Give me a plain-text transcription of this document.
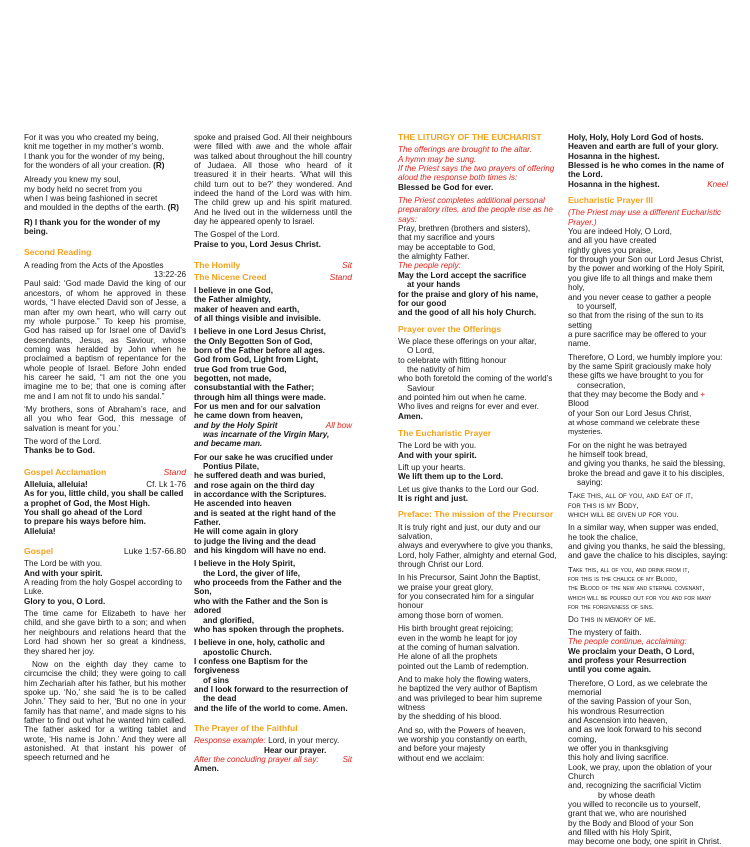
For it was you who created my being,
knit me together in my mother’s womb.
I thank you for the wonder of my being,
for the wonders of all your creation. (R)
Already you knew my soul,
my body held no secret from you
when I was being fashioned in secret
and moulded in the depths of the earth. (R)

R) I thank you for the wonder of my being.

Second Reading
A reading from the Acts of the Apostles
13:22-26

Paul said: ‘God made David the king of our ancestors, of whom he approved in these words, “I have elected David son of Jesse, a man after my own heart, who will carry out my whole purpose.” To keep his promise, God has raised up for Israel one of David’s descendants, Jesus, as Saviour, whose coming was heralded by John when he proclaimed a baptism of repentance for the whole people of Israel. Before John ended his career he said, “I am not the one you imagine me to be; that one is coming after me and I am not fit to undo his sandal.”

‘My brothers, sons of Abraham’s race, and all you who fear God, this message of salvation is meant for you.’

The word of the Lord.
Thanks be to God.
Gospel Acclamation	Stand
Alleluia, alleluia!	Cf. Lk 1-76
As for you, little child, you shall be called
a prophet of God, the Most High.
You shall go ahead of the Lord
to prepare his ways before him.
Alleluia!
Gospel	Luke 1:57-66.80
The Lord be with you.
And with your spirit.
A reading from the holy Gospel according to Luke.
Glory to you, O Lord.

The time came for Elizabeth to have her child, and she gave birth to a son; and when her neighbours and relations heard that the Lord had shown her so great a kindness, they shared her joy.

Now on the eighth day they came to circumcise the child; they were going to call him Zechariah after his father, but his mother spoke up. ‘No,’ she said ‘he is to be called John.’ They said to her, ‘But no one in your family has that name’, and made signs to his father to find out what he wanted him called. The father asked for a writing tablet and wrote, ‘His name is John.’ And they were all astonished. At that instant his power of speech returned and he

spoke and praised God. All their neighbours were filled with awe and the whole affair was talked about throughout the hill country of Judaea. All those who heard of it treasured it in their hearts. ‘What will this child turn out to be?’ they wondered. And indeed the hand of the Lord was with him. The child grew up and his spirit matured. And he lived out in the wilderness until the day he appeared openly to Israel.

The Gospel of the Lord.
Praise to you, Lord Jesus Christ.
The Homily	Sit
The Nicene Creed	Stand
I believe in one God,
the Father almighty,
maker of heaven and earth,
of all things visible and invisible.
I believe in one Lord Jesus Christ,
the Only Begotten Son of God,
born of the Father before all ages.
God from God, Light from Light,
true God from true God,
begotten, not made,
consubstantial with the Father;
through him all things were made.
For us men and for our salvation
he came down from heaven,
and by the Holy Spirit	All bow
was incarnate of the Virgin Mary,
and became man.
For our sake he was crucified under
Pontius Pilate,
he suffered death and was buried,
and rose again on the third day
in accordance with the Scriptures.
He ascended into heaven
and is seated at the right hand of the Father.
He will come again in glory
to judge the living and the dead
and his kingdom will have no end.
I believe in the Holy Spirit,
the Lord, the giver of life,
who proceeds from the Father and the Son,
who with the Father and the Son is adored
and glorified,
who has spoken through the prophets.
I believe in one, holy, catholic and
apostolic Church.
I confess one Baptism for the forgiveness
of sins
and I look forward to the resurrection of
the dead
and the life of the world to come. Amen.
The Prayer of the Faithful
Response example: Lord, in your mercy.
Hear our prayer.
After the concluding prayer all say: Amen.
Sit
THE LITURGY OF THE EUCHARIST
The offerings are brought to the altar.
A hymn may be sung.
If the Priest says the two prayers of offering
aloud the response both times is:
Blessed be God for ever.
The Priest completes additional personal
preparatory rites, and the people rise as he
says:
Pray, brethren (brothers and sisters),
that my sacrifice and yours
may be acceptable to God,
the almighty Father.
The people reply:
May the Lord accept the sacrifice
at your hands
for the praise and glory of his name,
for our good
and the good of all his holy Church.
Prayer over the Offerings
We place these offerings on your altar,
O Lord,
to celebrate with fitting honour
the nativity of him
who both foretold the coming of the world’s
Saviour
and pointed him out when he came.
Who lives and reigns for ever and ever.
Amen.
The Eucharistic Prayer
The Lord be with you.
And with your spirit.
Lift up your hearts.
We lift them up to the Lord.
Let us give thanks to the Lord our God.
It is right and just.
Preface: The mission of the Precursor
It is truly right and just, our duty and our salvation,
always and everywhere to give you thanks,
Lord, holy Father, almighty and eternal God,
through Christ our Lord.
In his Precursor, Saint John the Baptist,
we praise your great glory,
for you consecrated him for a singular honour
among those born of women.
His birth brought great rejoicing;
even in the womb he leapt for joy
at the coming of human salvation.
He alone of all the prophets
pointed out the Lamb of redemption.
And to make holy the flowing waters,
he baptized the very author of Baptism
and was privileged to bear him supreme witness
by the shedding of his blood.
And so, with the Powers of heaven,
we worship you constantly on earth,
and before your majesty
without end we acclaim:
Holy, Holy, Holy Lord God of hosts.
Heaven and earth are full of your glory.
Hosanna in the highest.
Blessed is he who comes in the name of
the Lord.
Hosanna in the highest.	Kneel
Eucharistic Prayer III
(The Priest may use a different Eucharistic Prayer.)
You are indeed Holy, O Lord,
and all you have created
rightly gives you praise,
for through your Son our Lord Jesus Christ,
by the power and working of the Holy Spirit,
you give life to all things and make them holy,
and you never cease to gather a people
to yourself,
so that from the rising of the sun to its setting
a pure sacrifice may be offered to your name.
Therefore, O Lord, we humbly implore you:
by the same Spirit graciously make holy
these gifts we have brought to you for
consecration,
that they may become the Body and + Blood
of your Son our Lord Jesus Christ,
at whose command we celebrate these mysteries.
For on the night he was betrayed
he himself took bread,
and giving you thanks, he said the blessing,
broke the bread and gave it to his disciples,
saying:
Take this, all of you, and eat of it,
for this is my Body,
which will be given up for you.
In a similar way, when supper was ended,
he took the chalice,
and giving you thanks, he said the blessing,
and gave the chalice to his disciples, saying:
Take this, all of you, and drink from it,
for this is the chalice of my Blood,
the Blood of the new and eternal covenant,
which will be poured out for you and for many
for the forgiveness of sins.
Do this in memory of me.
The mystery of faith.
The people continue, acclaiming:
We proclaim your Death, O Lord,
and profess your Resurrection
until you come again.
Therefore, O Lord, as we celebrate the memorial
of the saving Passion of your Son,
his wondrous Resurrection
and Ascension into heaven,
and as we look forward to his second coming,
we offer you in thanksgiving
this holy and living sacrifice.
Look, we pray, upon the oblation of your Church
and, recognizing the sacrificial Victim
by whose death
you willed to reconcile us to yourself,
grant that we, who are nourished
by the Body and Blood of your Son
and filled with his Holy Spirit,
may become one body, one spirit in Christ.
